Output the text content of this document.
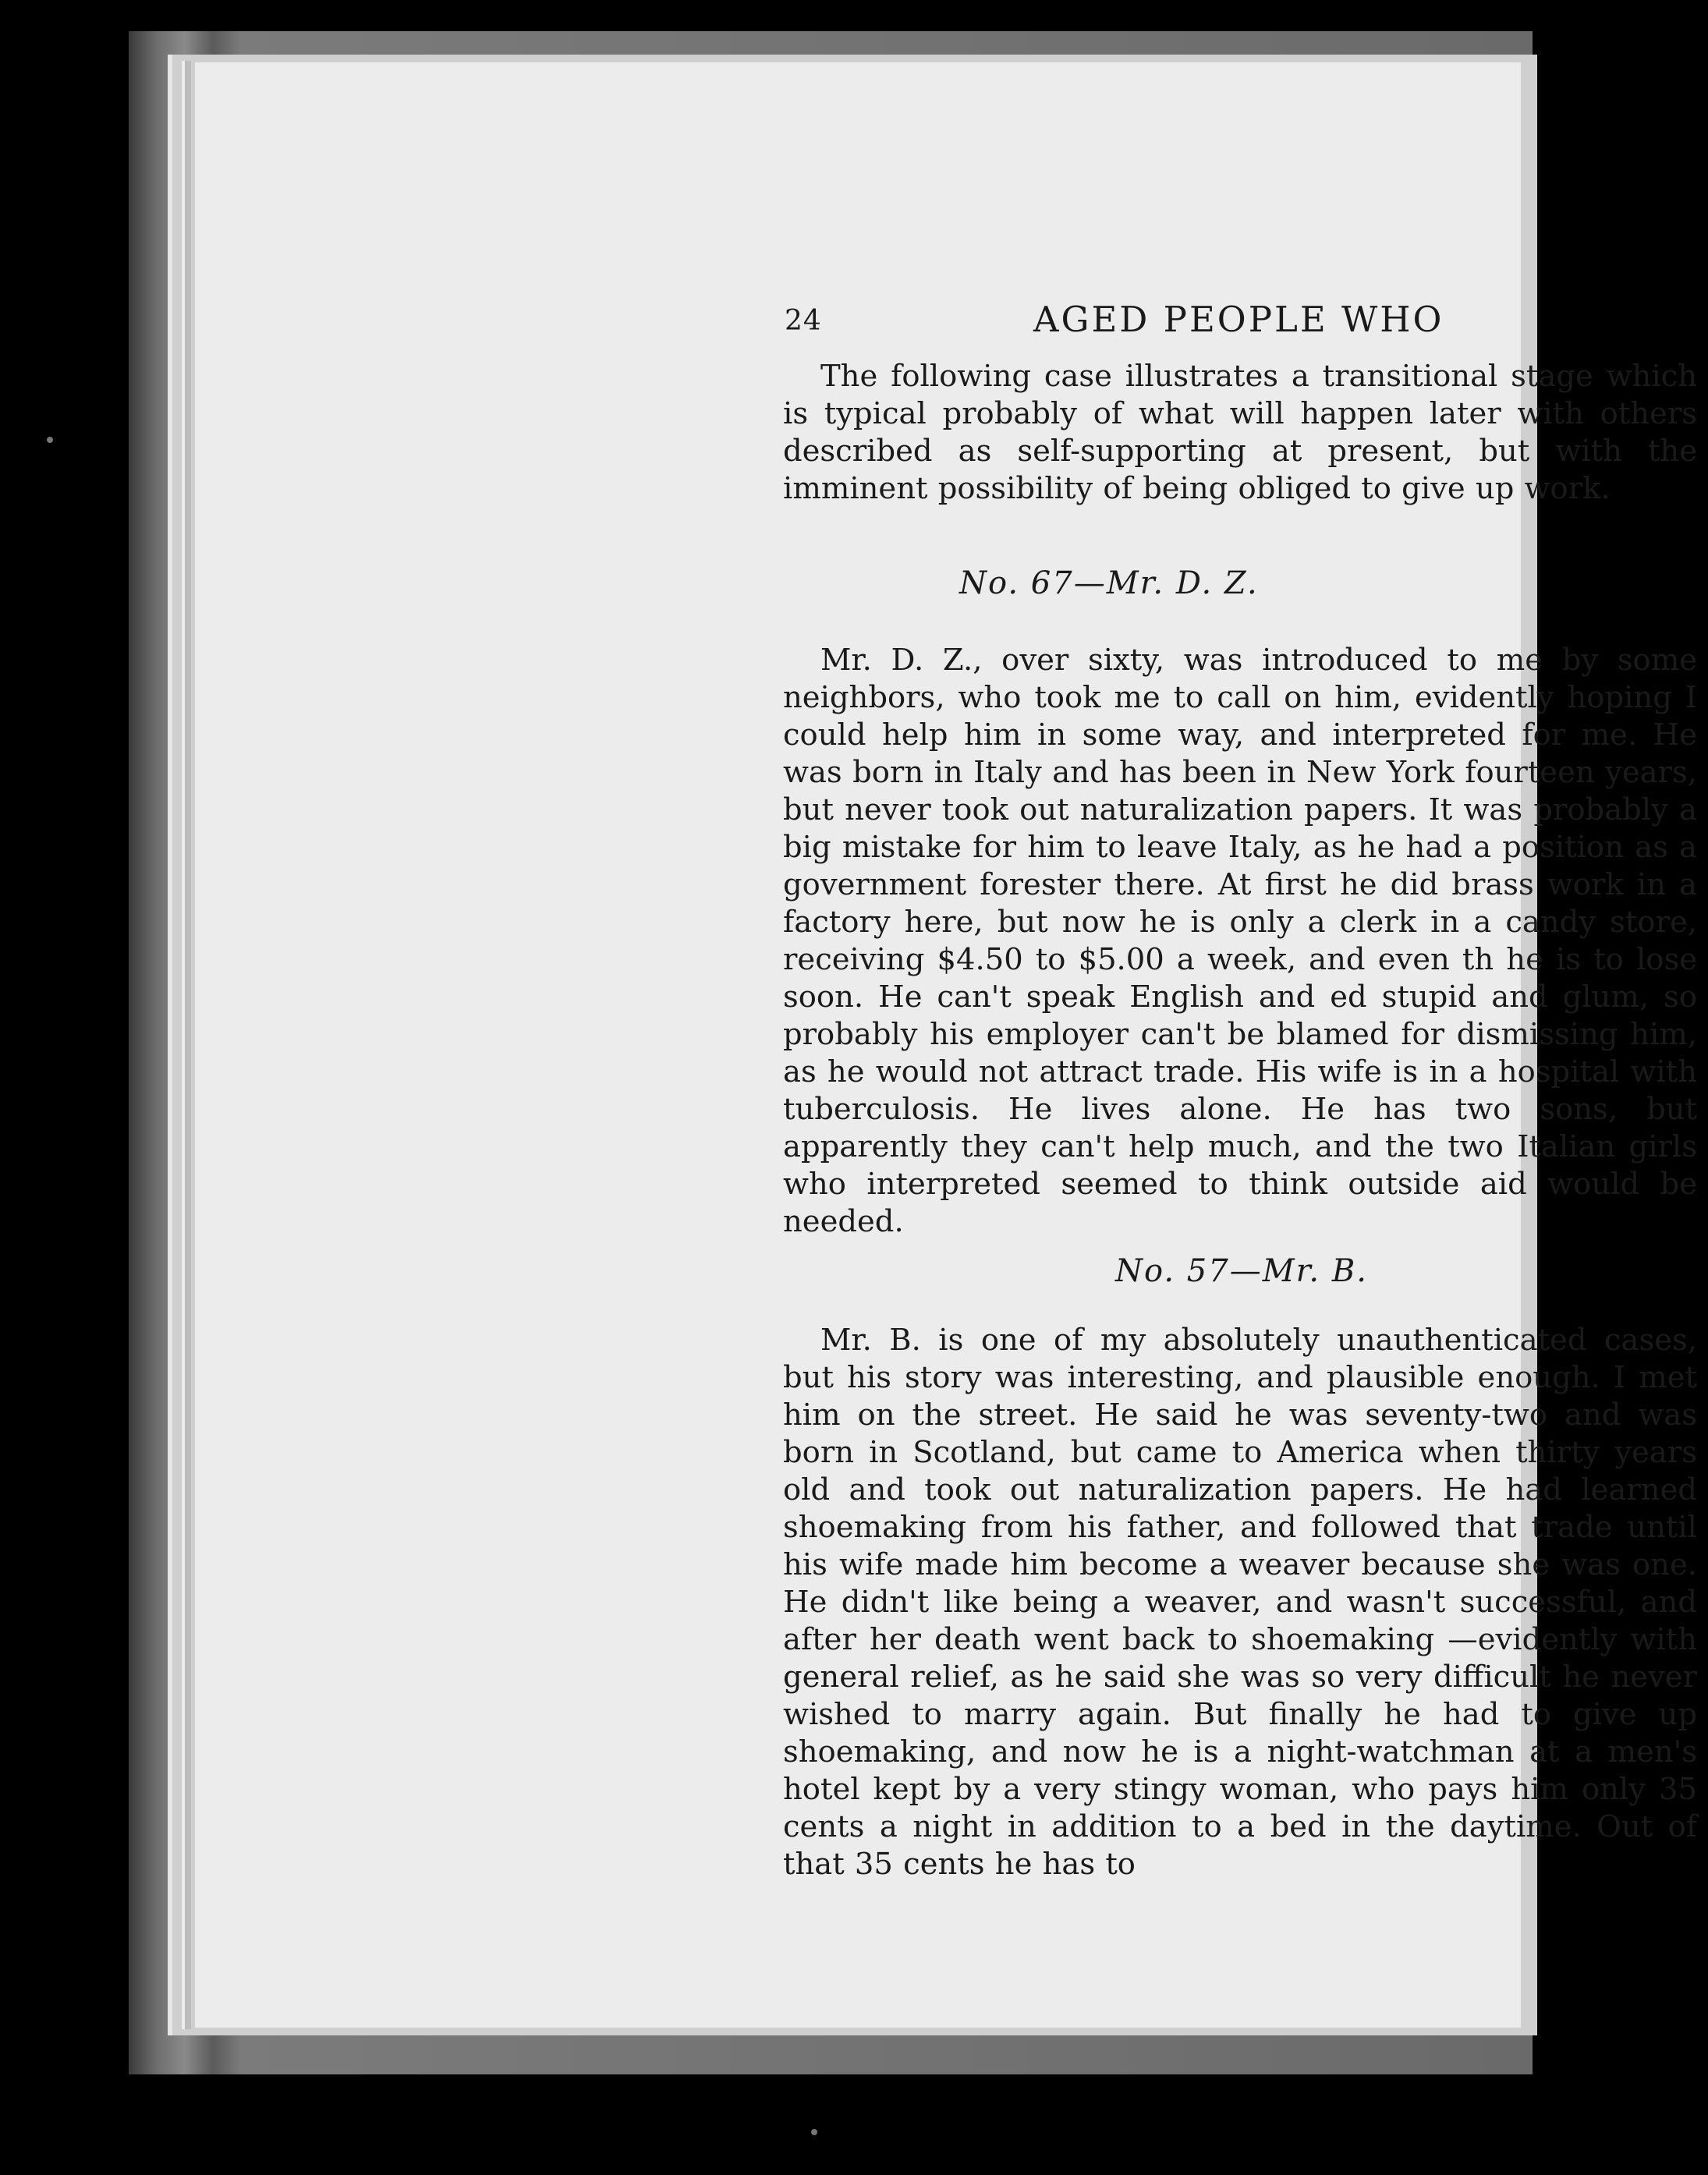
24	AGED PEOPLE WHO

The following case illustrates a transitional stage which is typical probably of what will happen later with others described as self-supporting at present, but with the imminent possibility of being obliged to give up work.

No. 67—Mr. D. Z.

Mr. D. Z., over sixty, was introduced to me by some neighbors, who took me to call on him, evidently hoping I could help him in some way, and interpreted for me. He was born in Italy and has been in New York fourteen years, but never took out naturalization papers. It was probably a big mistake for him to leave Italy, as he had a position as a government forester there. At first he did brass work in a factory here, but now he is only a clerk in a candy store, receiving $4.50 to $5.00 a week, and even th he is to lose soon. He can't speak English and ed stupid and glum, so probably his employer can't be blamed for dismissing him, as he would not attract trade. His wife is in a hospital with tuberculosis. He lives alone. He has two sons, but apparently they can't help much, and the two Italian girls who interpreted seemed to think outside aid would be needed.

No. 57—Mr. B.

Mr. B. is one of my absolutely unauthenticated cases, but his story was interesting, and plausible enough. I met him on the street. He said he was seventy-two and was born in Scotland, but came to America when thirty years old and took out naturalization papers. He had learned shoemaking from his father, and followed that trade until his wife made him become a weaver because she was one. He didn't like being a weaver, and wasn't successful, and after her death went back to shoemaking —evidently with general relief, as he said she was so very difficult he never wished to marry again. But finally he had to give up shoemaking, and now he is a night-watchman at a men's hotel kept by a very stingy woman, who pays him only 35 cents a night in addition to a bed in the daytime. Out of that 35 cents he has to
